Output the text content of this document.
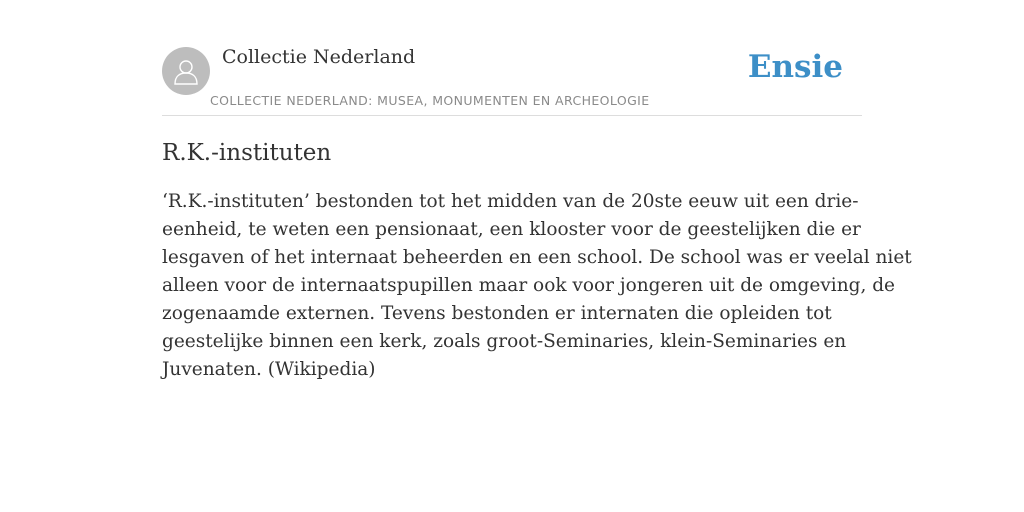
Collectie Nederland
COLLECTIE NEDERLAND: MUSEA, MONUMENTEN EN ARCHEOLOGIE
Ensie
R.K.-instituten
‘R.K.-instituten’ bestonden tot het midden van de 20ste eeuw uit een drie-
eenheid, te weten een pensionaat, een klooster voor de geestelijken die er
lesgaven of het internaat beheerden en een school. De school was er veelal niet
alleen voor de internaatspupillen maar ook voor jongeren uit de omgeving, de
zogenaamde externen. Tevens bestonden er internaten die opleiden tot
geestelijke binnen een kerk, zoals groot-Seminaries, klein-Seminaries en
Juvenaten. (Wikipedia)
